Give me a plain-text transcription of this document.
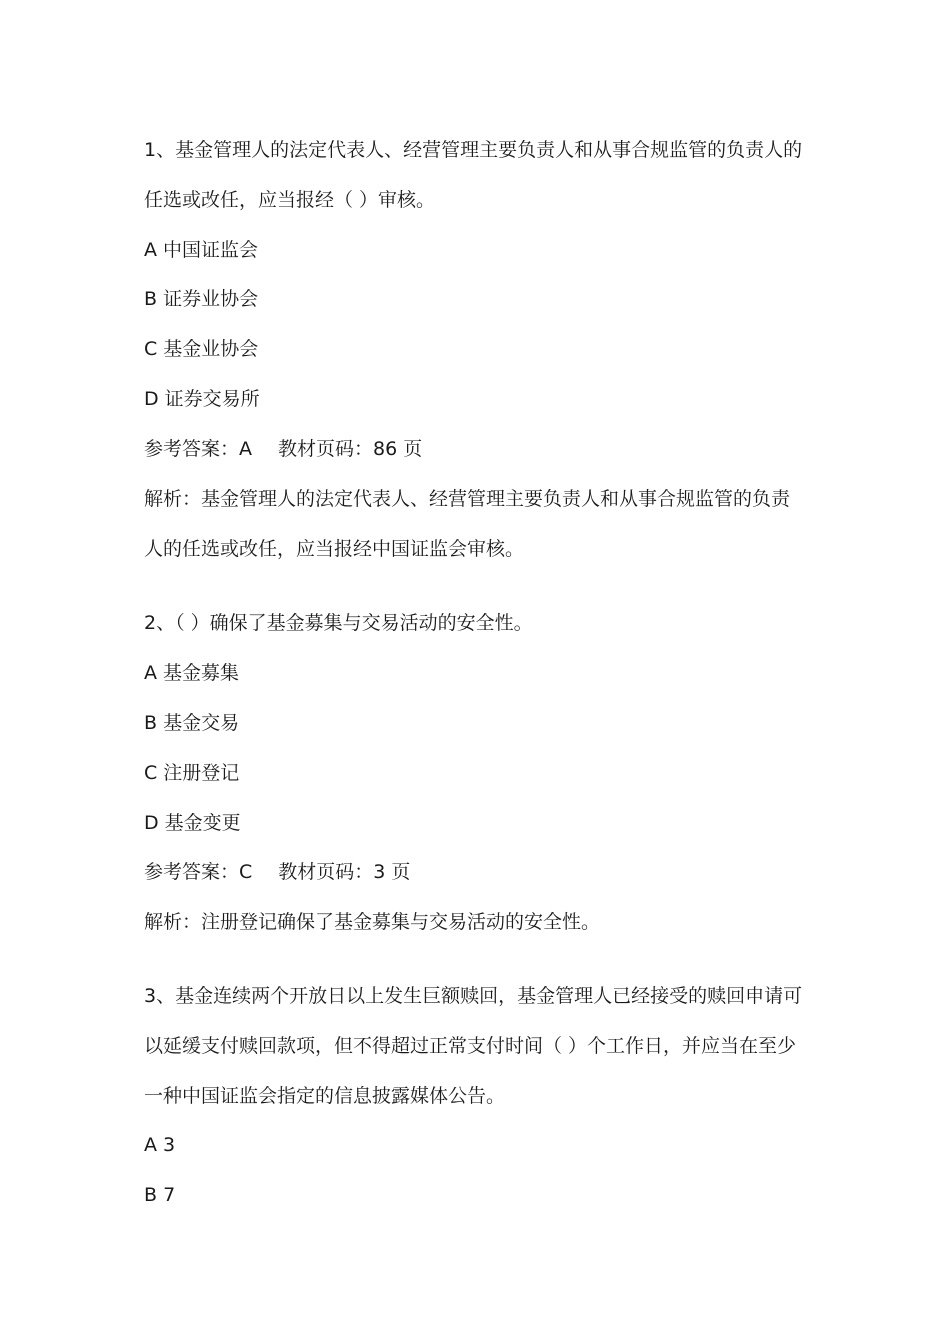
1、基金管理人的法定代表人、经营管理主要负责人和从事合规监管的负责人的
任选或改任，应当报经（ ）审核。
A 中国证监会
B 证券业协会
C 基金业协会
D 证券交易所
参考答案：A 教材页码：86 页
解析：基金管理人的法定代表人、经营管理主要负责人和从事合规监管的负责
人的任选或改任，应当报经中国证监会审核。
2、（ ）确保了基金募集与交易活动的安全性。
A 基金募集
B 基金交易
C 注册登记
D 基金变更
参考答案：C 教材页码：3 页
解析：注册登记确保了基金募集与交易活动的安全性。
3、基金连续两个开放日以上发生巨额赎回，基金管理人已经接受的赎回申请可
以延缓支付赎回款项，但不得超过正常支付时间（ ）个工作日，并应当在至少
一种中国证监会指定的信息披露媒体公告。
A 3
B 7
